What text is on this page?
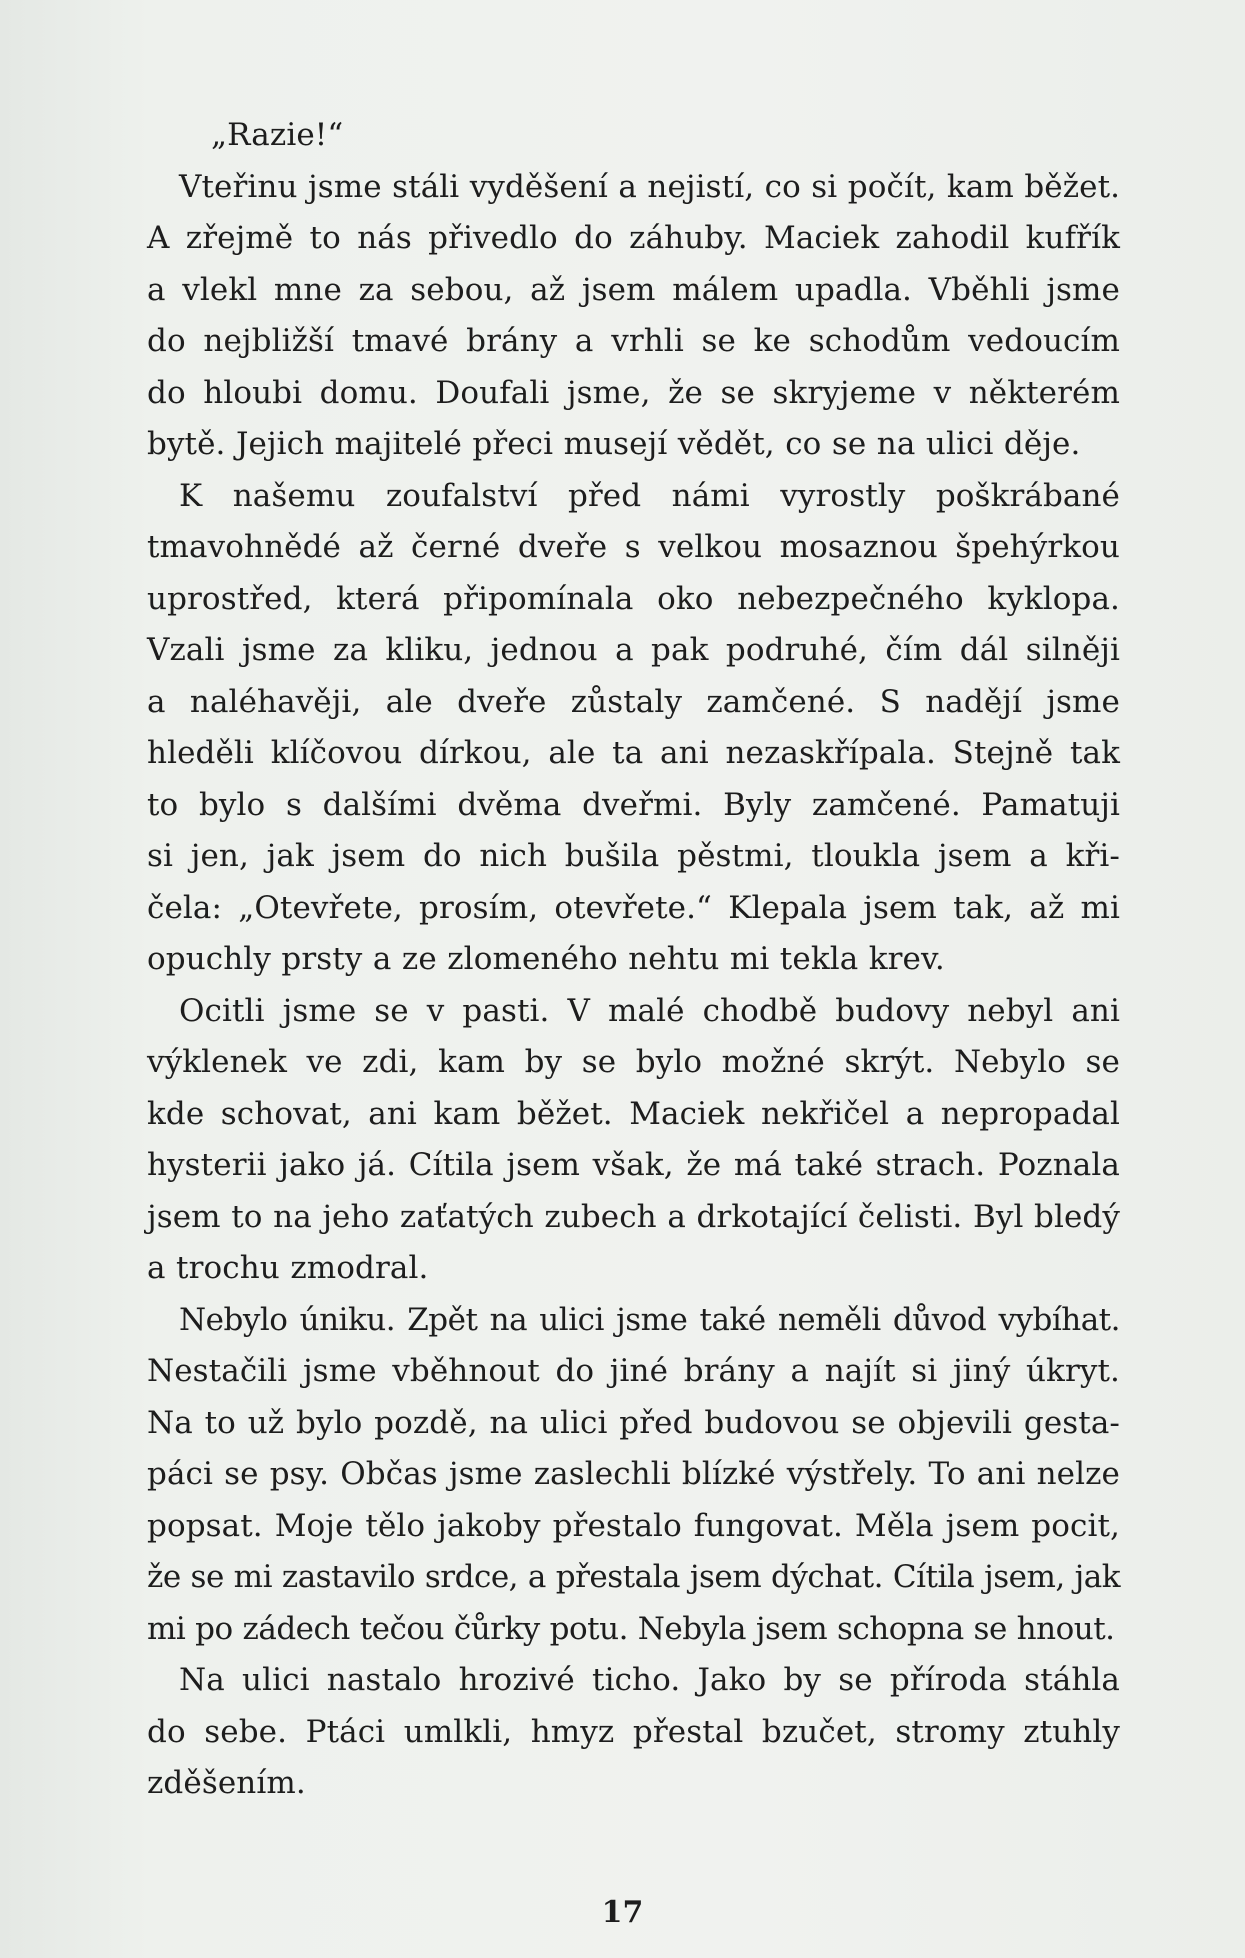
„Razie!“
Vteřinu jsme stáli vyděšení a nejistí, co si počít, kam běžet.
A zřejmě to nás přivedlo do záhuby. Maciek zahodil kufřík
a vlekl mne za sebou, až jsem málem upadla. Vběhli jsme
do nejbližší tmavé brány a vrhli se ke schodům vedoucím
do hloubi domu. Doufali jsme, že se skryjeme v některém
bytě. Jejich majitelé přeci musejí vědět, co se na ulici děje.
K našemu zoufalství před námi vyrostly poškrábané
tmavohnědé až černé dveře s velkou mosaznou špehýrkou
uprostřed, která připomínala oko nebezpečného kyklopa.
Vzali jsme za kliku, jednou a pak podruhé, čím dál silněji
a naléhavěji, ale dveře zůstaly zamčené. S nadějí jsme
hleděli klíčovou dírkou, ale ta ani nezaskřípala. Stejně tak
to bylo s dalšími dvěma dveřmi. Byly zamčené. Pamatuji
si jen, jak jsem do nich bušila pěstmi, tloukla jsem a kři-
čela: „Otevřete, prosím, otevřete.“ Klepala jsem tak, až mi
opuchly prsty a ze zlomeného nehtu mi tekla krev.
Ocitli jsme se v pasti. V malé chodbě budovy nebyl ani
výklenek ve zdi, kam by se bylo možné skrýt. Nebylo se
kde schovat, ani kam běžet. Maciek nekřičel a nepropadal
hysterii jako já. Cítila jsem však, že má také strach. Poznala
jsem to na jeho zaťatých zubech a drkotající čelisti. Byl bledý
a trochu zmodral.
Nebylo úniku. Zpět na ulici jsme také neměli důvod vybíhat.
Nestačili jsme vběhnout do jiné brány a najít si jiný úkryt.
Na to už bylo pozdě, na ulici před budovou se objevili gesta-
páci se psy. Občas jsme zaslechli blízké výstřely. To ani nelze
popsat. Moje tělo jakoby přestalo fungovat. Měla jsem pocit,
že se mi zastavilo srdce, a přestala jsem dýchat. Cítila jsem, jak
mi po zádech tečou čůrky potu. Nebyla jsem schopna se hnout.
Na ulici nastalo hrozivé ticho. Jako by se příroda stáhla
do sebe. Ptáci umlkli, hmyz přestal bzučet, stromy ztuhly
zděšením.
17
